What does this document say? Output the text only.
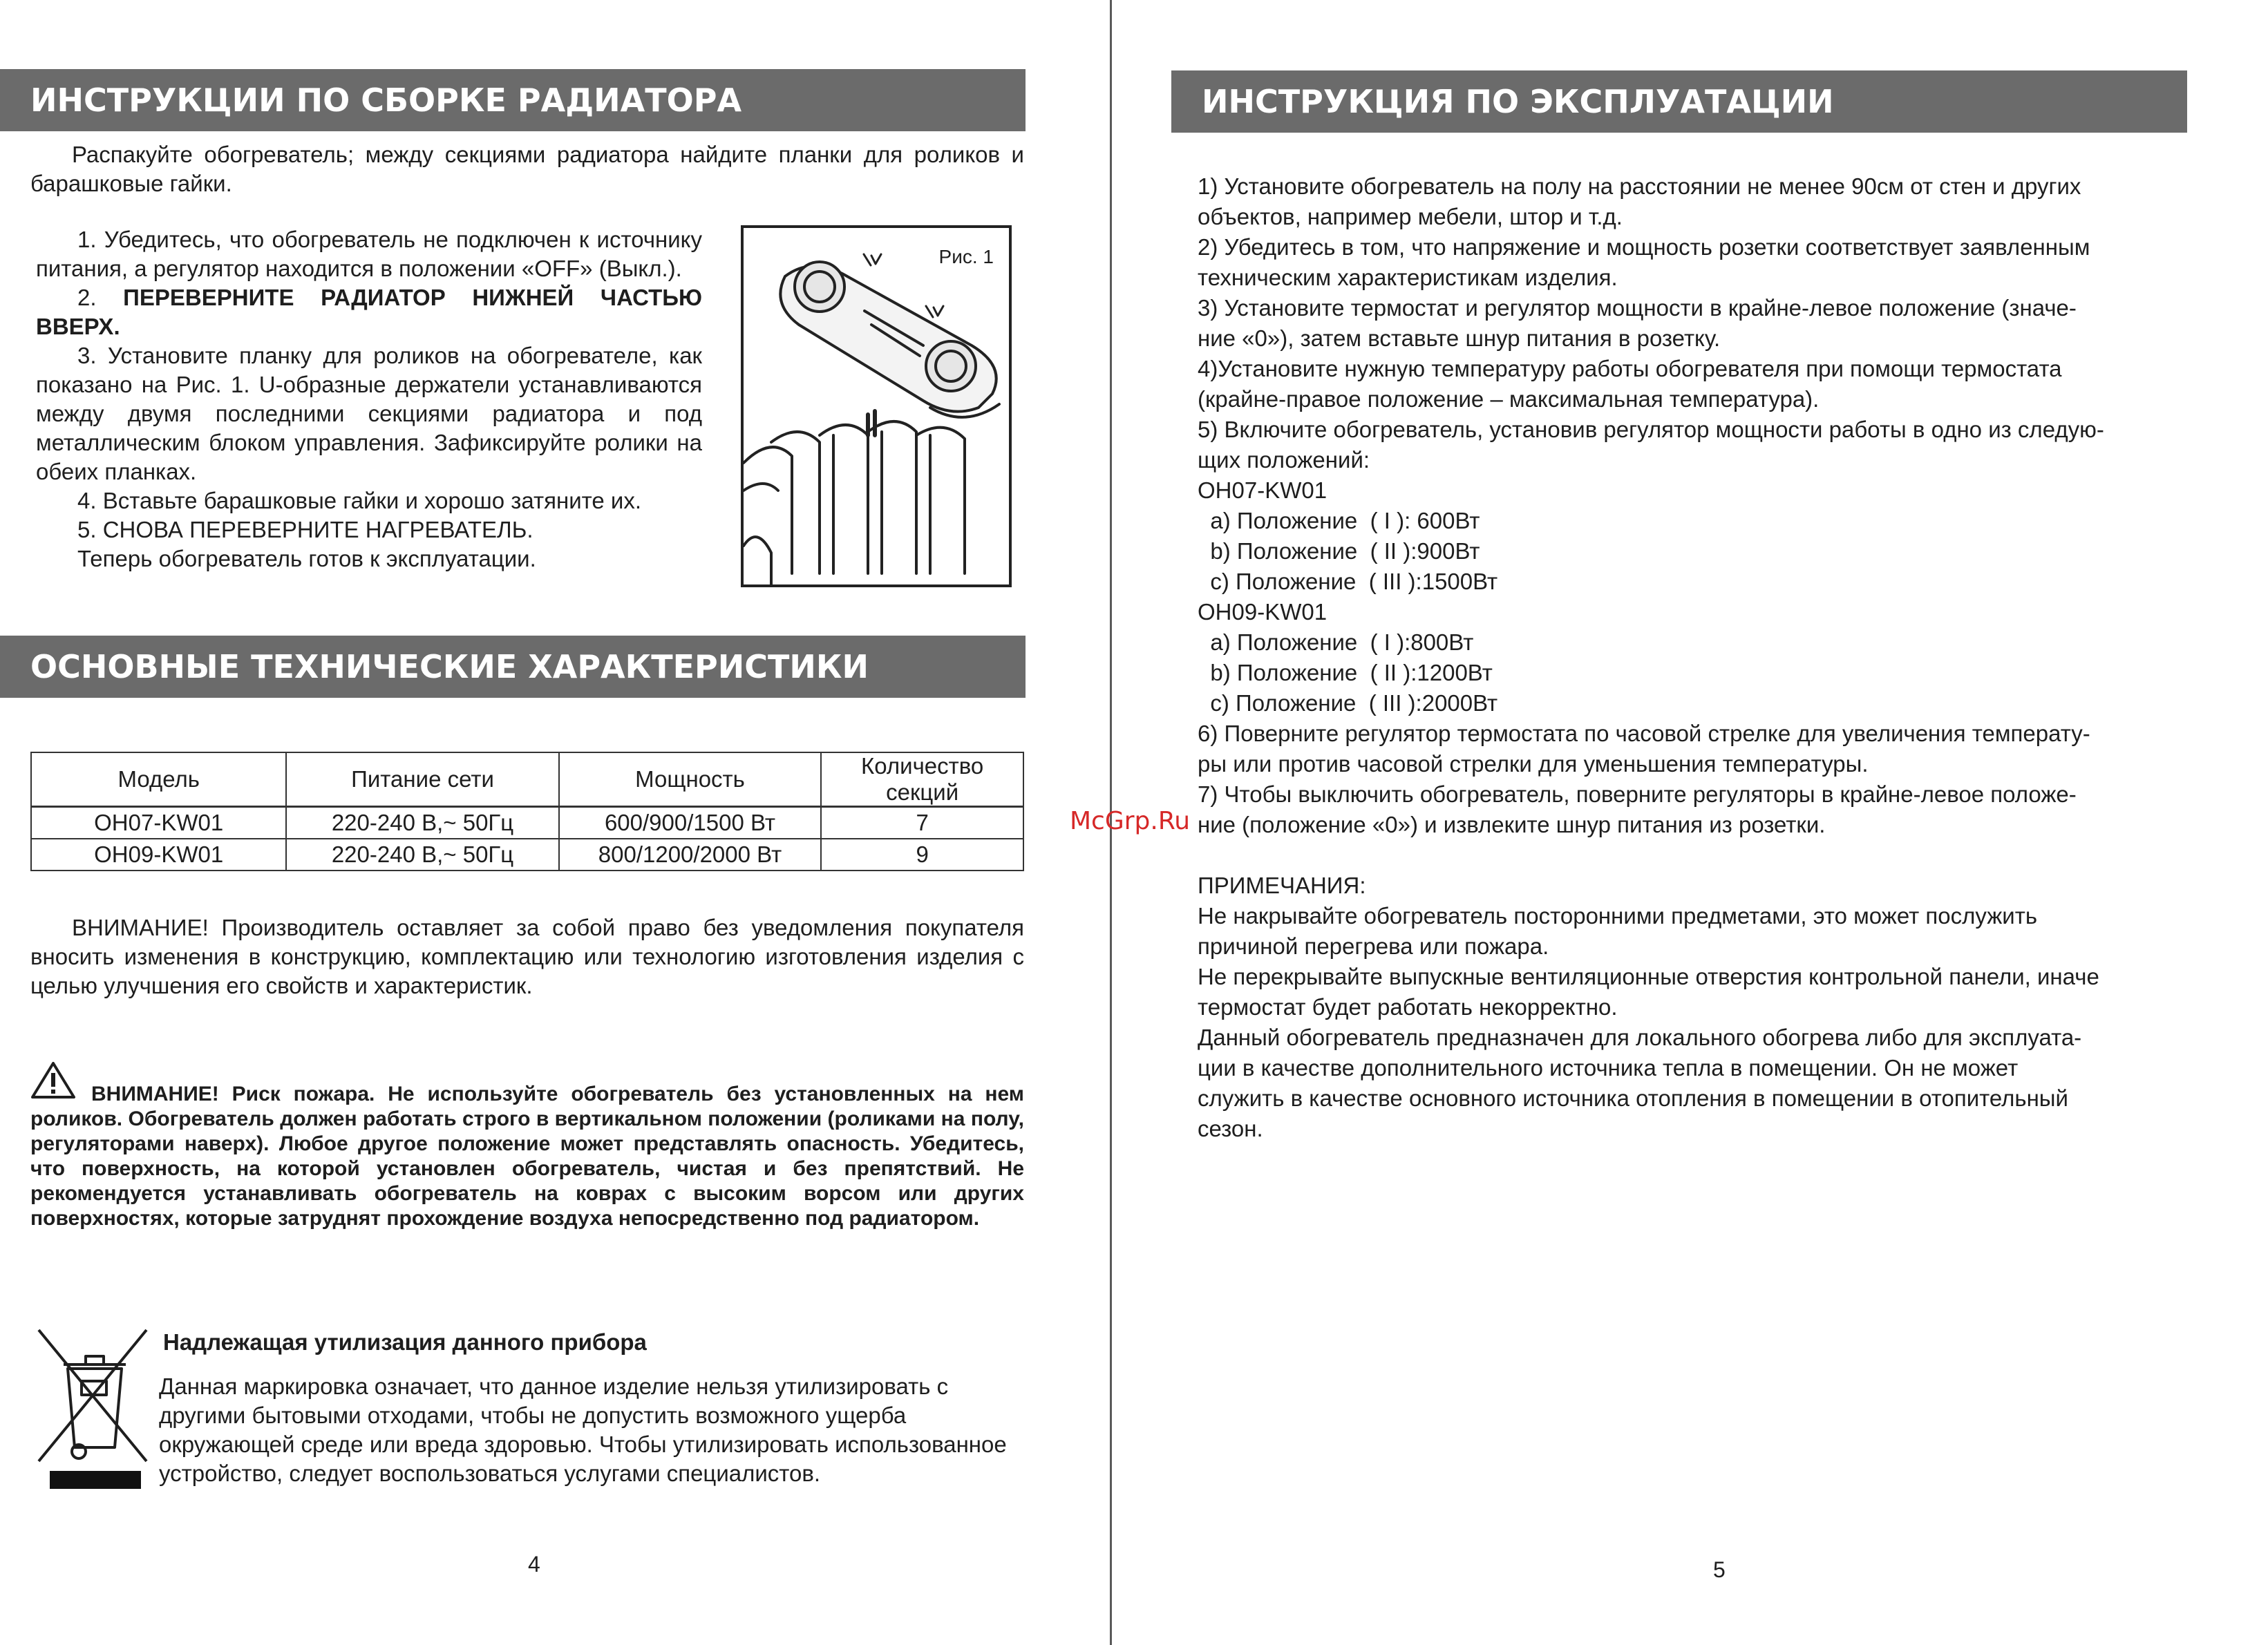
ИНСТРУКЦИИ ПО СБОРКЕ РАДИАТОРА
Распакуйте обогреватель; между секциями радиатора найдите планки для роликов и барашковые гайки.

1. Убедитесь, что обогреватель не подключен к источнику питания, а регулятор находится в положении «OFF» (Выкл.).

2. ПЕРЕВЕРНИТЕ РАДИАТОР НИЖНЕЙ ЧАСТЬЮ ВВЕРХ.

3. Установите планку для роликов на обогревателе, как показано на Рис. 1. U-образные держатели устанавливаются между двумя последними секциями радиатора и под металлическим блоком управления. Зафиксируйте ролики на обеих планках.

4. Вставьте барашковые гайки и хорошо затяните их.

5. СНОВА ПЕРЕВЕРНИТЕ НАГРЕВАТЕЛЬ.

Теперь обогреватель готов к эксплуатации.

Рис. 1
ОСНОВНЫЕ ТЕХНИЧЕСКИЕ ХАРАКТЕРИСТИКИ
Модель	Питание сети	Мощность	Количество секций
OH07-KW01	220-240 В,~ 50Гц	600/900/1500 Вт	7
OH09-KW01	220-240 В,~ 50Гц	800/1200/2000 Вт	9
ВНИМАНИЕ! Производитель оставляет за собой право без уведомления покупателя вносить изменения в конструкцию, комплектацию или технологию изготовления изделия с целью улучшения его свойств и характеристик.
ВНИМАНИЕ! Риск пожара. Не используйте обогреватель без установленных на нем роликов. Обогреватель должен работать строго в вертикальном положении (роликами на полу, регуляторами наверх). Любое другое положение может представлять опасность. Убедитесь, что поверхность, на которой установлен обогреватель, чистая и без препятствий. Не рекомендуется устанавливать обогреватель на коврах с высоким ворсом или других поверхностях, которые затруднят прохождение воздуха непосредственно под радиатором.
Надлежащая утилизация данного прибора
Данная маркировка означает, что данное изделие нельзя утилизировать с другими бытовыми отходами, чтобы не допустить возможного ущерба окружающей среде или вреда здоровью. Чтобы утилизировать использованное устройство, следует воспользоваться услугами специалистов.
4
ИНСТРУКЦИЯ ПО ЭКСПЛУАТАЦИИ
1) Установите обогреватель на полу на расстоянии не менее 90см от стен и других
объектов, например мебели, штор и т.д.
2) Убедитесь в том, что напряжение и мощность розетки соответствует заявленным
техническим характеристикам изделия.
3) Установите термостат и регулятор мощности в крайне-левое положение (значе-
ние «0»), затем вставьте шнур питания в розетку.
4)Установите нужную температуру работы обогревателя при помощи термостата
(крайне-правое положение – максимальная температура).
5) Включите обогреватель, установив регулятор мощности работы в одно из следую-
щих положений:
OH07-KW01
a) Положение  ( I ): 600Вт
b) Положение  ( II ):900Вт
c) Положение  ( III ):1500Вт
OH09-KW01
a) Положение  ( I ):800Вт
b) Положение  ( II ):1200Вт
c) Положение  ( III ):2000Вт
6) Поверните регулятор термостата по часовой стрелке для увеличения температу-
ры или против часовой стрелки для уменьшения температуры.
7) Чтобы выключить обогреватель, поверните регуляторы в крайне-левое положе-
ние (положение «0») и извлеките шнур питания из розетки.
ПРИМЕЧАНИЯ:
Не накрывайте обогреватель посторонними предметами, это может послужить
причиной перегрева или пожара.
Не перекрывайте выпускные вентиляционные отверстия контрольной панели, иначе
термостат будет работать некорректно.
Данный обогреватель предназначен для локального обогрева либо для эксплуата-
ции в качестве дополнительного источника тепла в помещении. Он не может
служить в качестве основного источника отопления в помещении в отопительный
сезон.
5
McGrp.Ru
